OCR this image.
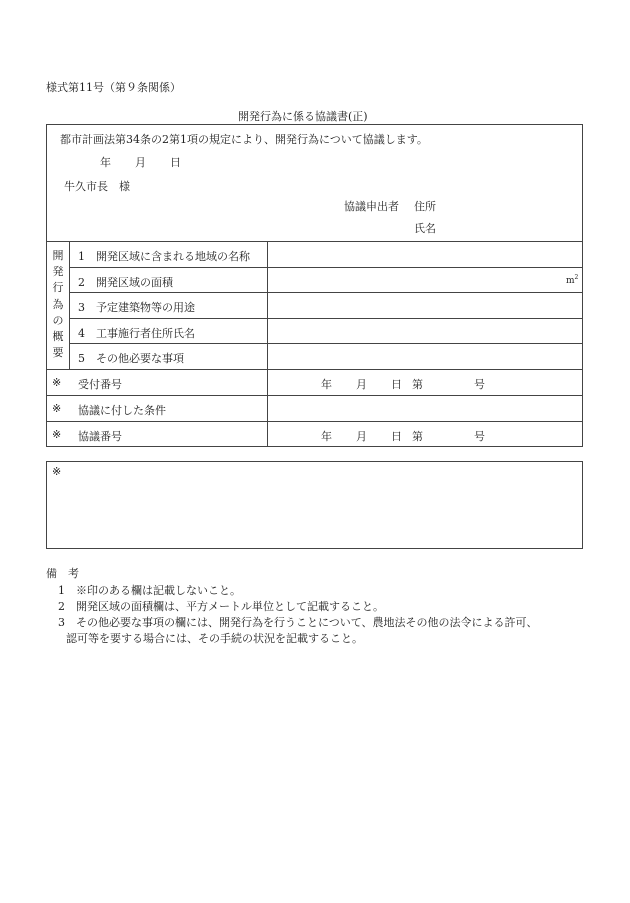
様式第11号（第９条関係）
開発行為に係る協議書(正)
都市計画法第34条の2第1項の規定により、開発行為について協議します。
年 月 日
牛久市長　様
協議申出者 住所
氏名
開発行為の概要
1　開発区域に含まれる地域の名称
2　開発区域の面積	$m^2$
3　予定建築物等の用途
4　工事施行者住所氏名
5　その他必要な事項
※ 受付番号	年 月 日 第	号
※ 協議に付した条件
※ 協議番号	年 月 日 第	号
※
備　考
1　※印のある欄は記載しないこと。
2　開発区域の面積欄は、平方メートル単位として記載すること。
3　その他必要な事項の欄には、開発行為を行うことについて、農地法その他の法令による許可、
認可等を要する場合には、その手続の状況を記載すること。
